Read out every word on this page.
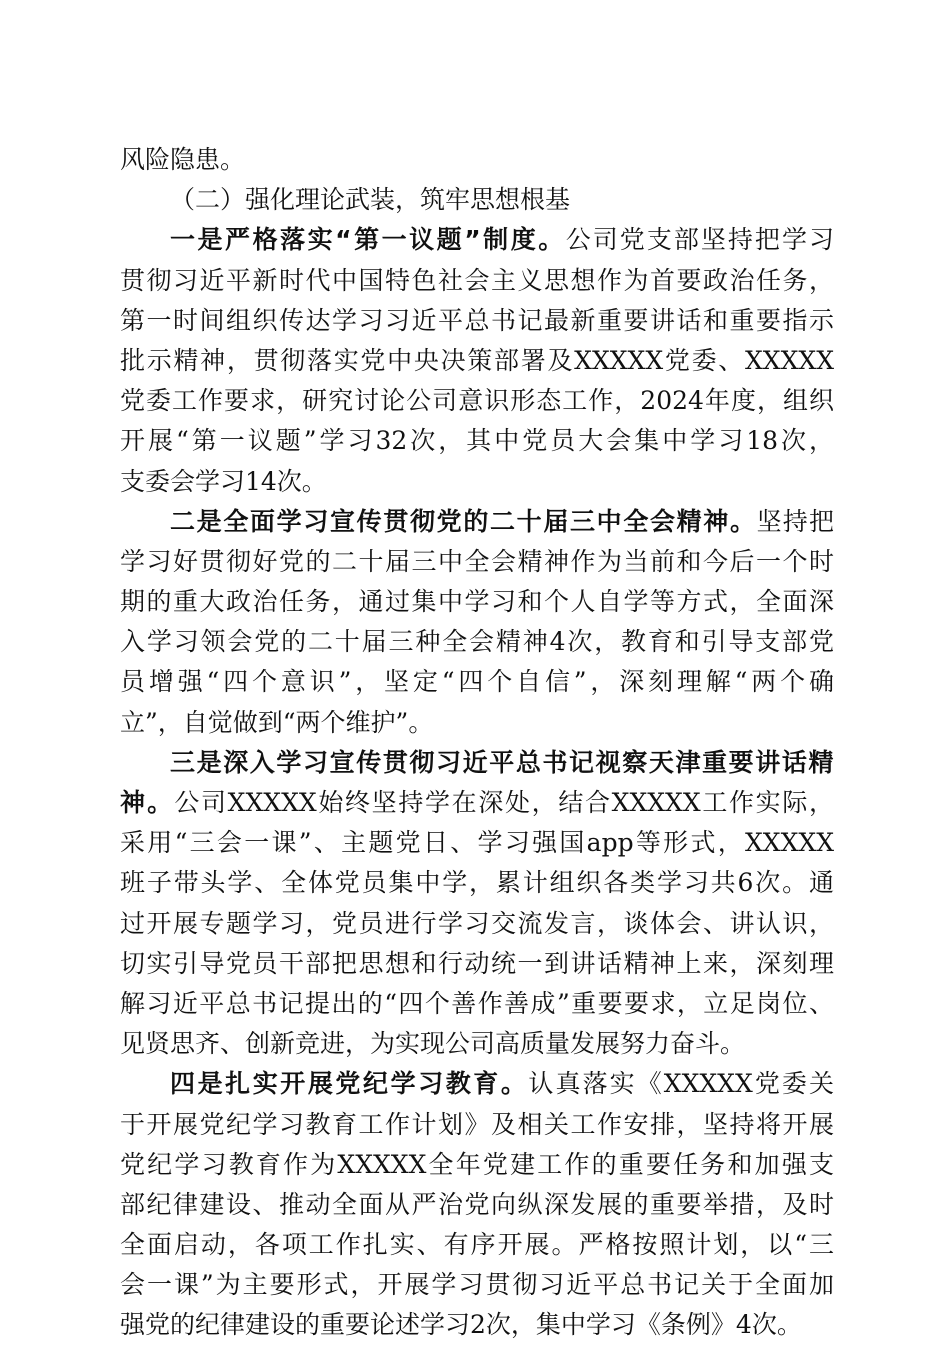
风险隐患。
（二）强化理论武装，筑牢思想根基
一是严格落实“第一议题”制度。公司党支部坚持把学习
贯彻习近平新时代中国特色社会主义思想作为首要政治任务，
第一时间组织传达学习习近平总书记最新重要讲话和重要指示
批示精神，贯彻落实党中央决策部署及XXXXX党委、XXXXX
党委工作要求，研究讨论公司意识形态工作，2024年度，组织
开展“第一议题”学习32次，其中党员大会集中学习18次，
支委会学习14次。
二是全面学习宣传贯彻党的二十届三中全会精神。坚持把
学习好贯彻好党的二十届三中全会精神作为当前和今后一个时
期的重大政治任务，通过集中学习和个人自学等方式，全面深
入学习领会党的二十届三种全会精神4次，教育和引导支部党
员增强“四个意识”，坚定“四个自信”，深刻理解“两个确
立”，自觉做到“两个维护”。
三是深入学习宣传贯彻习近平总书记视察天津重要讲话精
神。公司XXXXX始终坚持学在深处，结合XXXXX工作实际，
采用“三会一课”、主题党日、学习强国app等形式，XXXXX
班子带头学、全体党员集中学，累计组织各类学习共6次。通
过开展专题学习，党员进行学习交流发言，谈体会、讲认识，
切实引导党员干部把思想和行动统一到讲话精神上来，深刻理
解习近平总书记提出的“四个善作善成”重要要求，立足岗位、
见贤思齐、创新竞进，为实现公司高质量发展努力奋斗。
四是扎实开展党纪学习教育。认真落实《XXXXX党委关
于开展党纪学习教育工作计划》及相关工作安排，坚持将开展
党纪学习教育作为XXXXX全年党建工作的重要任务和加强支
部纪律建设、推动全面从严治党向纵深发展的重要举措，及时
全面启动，各项工作扎实、有序开展。严格按照计划，以“三
会一课”为主要形式，开展学习贯彻习近平总书记关于全面加
强党的纪律建设的重要论述学习2次，集中学习《条例》4次。
